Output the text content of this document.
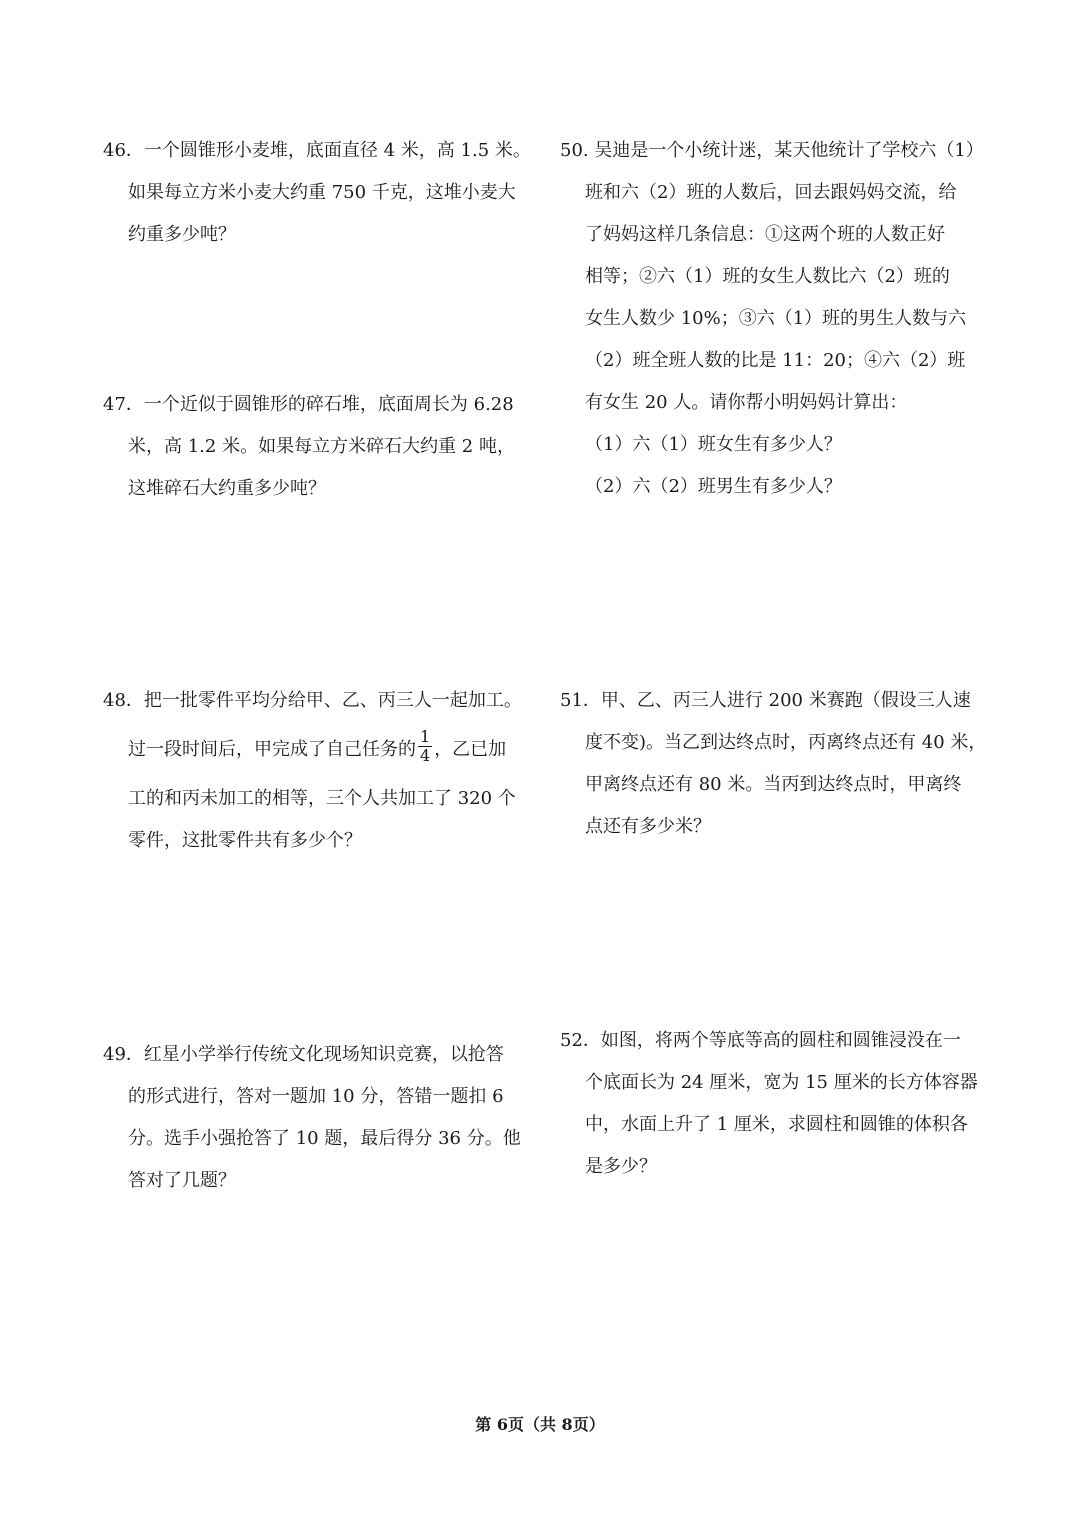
46．一个圆锥形小麦堆，底面直径 4 米，高 1.5 米。
如果每立方米小麦大约重 750 千克，这堆小麦大
约重多少吨？
47．一个近似于圆锥形的碎石堆，底面周长为 6.28
米，高 1.2 米。如果每立方米碎石大约重 2 吨，
这堆碎石大约重多少吨？
48．把一批零件平均分给甲、乙、丙三人一起加工。
过一段时间后，甲完成了自己任务的 $\frac{1}{4}$ ，乙已加
工的和丙未加工的相等，三个人共加工了 320 个
零件，这批零件共有多少个？
49．红星小学举行传统文化现场知识竞赛，以抢答
的形式进行，答对一题加 10 分，答错一题扣 6
分。选手小强抢答了 10 题，最后得分 36 分。他
答对了几题？
50. 吴迪是一个小统计迷，某天他统计了学校六（1）
班和六（2）班的人数后，回去跟妈妈交流，给
了妈妈这样几条信息：①这两个班的人数正好
相等；②六（1）班的女生人数比六（2）班的
女生人数少 10%；③六（1）班的男生人数与六
（2）班全班人数的比是 11：20；④六（2）班
有女生 20 人。请你帮小明妈妈计算出：
（1）六（1）班女生有多少人？
（2）六（2）班男生有多少人？
51．甲、乙、丙三人进行 200 米赛跑（假设三人速
度不变)。当乙到达终点时，丙离终点还有 40 米，
甲离终点还有 80 米。当丙到达终点时，甲离终
点还有多少米？
52．如图，将两个等底等高的圆柱和圆锥浸没在一
个底面长为 24 厘米，宽为 15 厘米的长方体容器
中，水面上升了 1 厘米，求圆柱和圆锥的体积各
是多少？
第 6页（共 8页）
